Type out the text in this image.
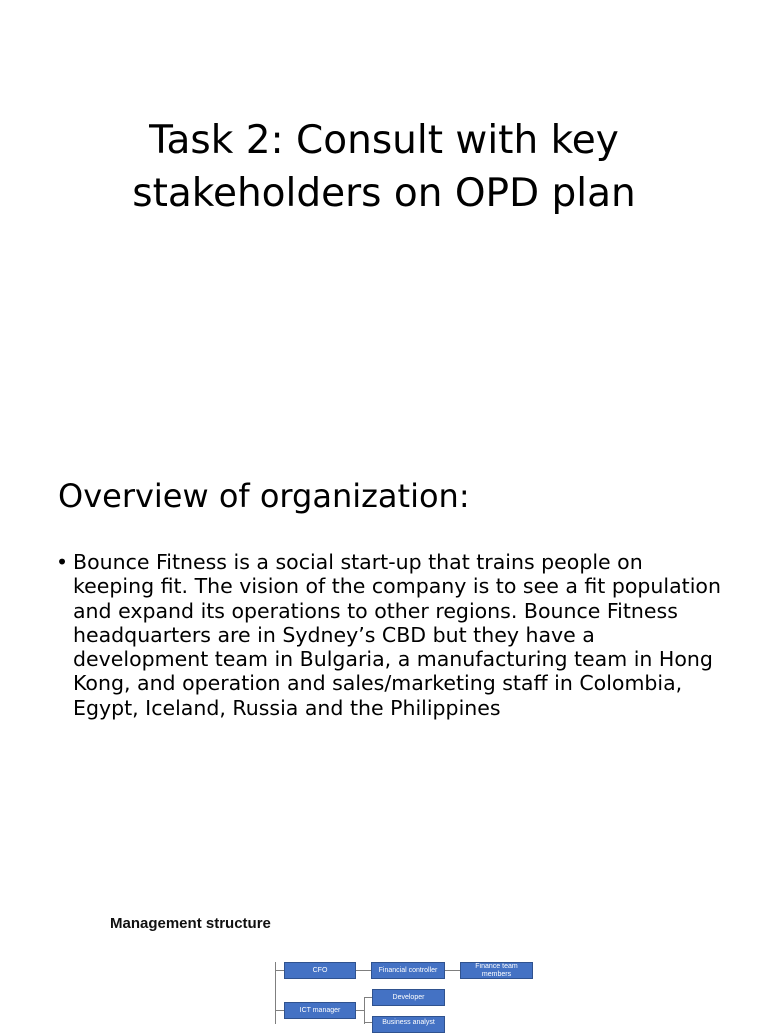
Task 2: Consult with key
stakeholders on OPD plan
Overview of organization:
• Bounce Fitness is a social start-up that trains people on keeping fit. The vision of the company is to see a fit population and expand its operations to other regions. Bounce Fitness headquarters are in Sydney’s CBD but they have a development team in Bulgaria, a manufacturing team in Hong Kong, and operation and sales/marketing staff in Colombia, Egypt, Iceland, Russia and the Philippines
Management structure
CFO	Financial controller
Finance team members
ICT manager
Developer
Business analyst
